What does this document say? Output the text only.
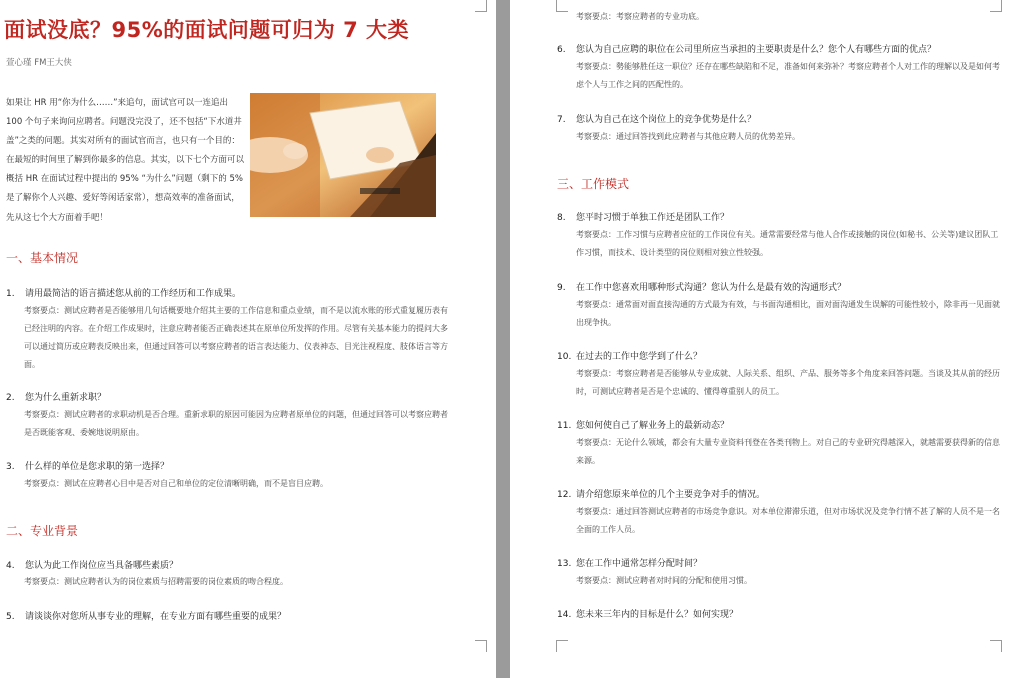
面试没底？95%的面试问题可归为 7 大类
萱心瑾 FM王大侠
如果让 HR 用“你为什么……”来追句，面试官可以一连追出 100 个句子来询问应聘者。问题没完没了，还不包括“下水道井盖”之类的问题。其实对所有的面试官而言，也只有一个目的：在最短的时间里了解到你最多的信息。其实，以下七个方面可以概括 HR 在面试过程中提出的 95% “为什么”问题（剩下的 5%是了解你个人兴趣、爱好等闲话家常），想高效率的准备面试，先从这七个大方面着手吧！
一、基本情况
1. 请用最简洁的语言描述您从前的工作经历和工作成果。
考察要点：测试应聘者是否能够用几句话概要地介绍其主要的工作信息和重点业绩，而不是以流水账的形式重复履历表有已经注明的内容。在介绍工作成果时，注意应聘者能否正确表述其在原单位所发挥的作用。尽管有关基本能力的提问大多可以通过简历或应聘表反映出来，但通过回答可以考察应聘者的语言表达能力、仪表神态、目光注视程度、肢体语言等方面。
2. 您为什么重新求职？
考察要点：测试应聘者的求职动机是否合理。重新求职的原因可能因为应聘者原单位的问题，但通过回答可以考察应聘者是否既能客观、委婉地说明原由。
3. 什么样的单位是您求职的第一选择？
考察要点：测试在应聘者心目中是否对自己和单位的定位清晰明确，而不是盲目应聘。
二、专业背景
4. 您认为此工作岗位应当具备哪些素质？
考察要点：测试应聘者认为的岗位素质与招聘需要的岗位素质的吻合程度。
5. 请谈谈你对您所从事专业的理解，在专业方面有哪些重要的成果？
考察要点：考察应聘者的专业功底。
6. 您认为自己应聘的职位在公司里所应当承担的主要职责是什么？您个人有哪些方面的优点？
考察要点：勢能够胜任这一职位？还存在哪些缺陷和不足，准备如何来弥补？考察应聘者个人对工作的理解以及是如何考虑个人与工作之间的匹配性的。
7. 您认为自己在这个岗位上的竞争优势是什么？
考察要点：通过回答找到此应聘者与其他应聘人员的优势差异。
三、工作模式
8. 您平时习惯于单独工作还是团队工作？
考察要点：工作习惯与应聘者应征的工作岗位有关。通常需要经常与他人合作或接触的岗位(如秘书、公关等)建议团队工作习惯，而技术、设计类型的岗位则相对独立性较强。
9. 在工作中您喜欢用哪种形式沟通？您认为什么是最有效的沟通形式？
考察要点：通常面对面直接沟通的方式最为有效，与书面沟通相比，面对面沟通发生误解的可能性较小，除非再一见面就出现争执。
10. 在过去的工作中您学到了什么？
考察要点：考察应聘者是否能够从专业成就、人际关系、组织、产品、服务等多个角度来回答问题。当谈及其从前的经历时，可测试应聘者是否是个忠诚的、懂得尊重别人的员工。
11. 您如何使自己了解业务上的最新动态？
考察要点：无论什么领域，都会有大量专业资料刊登在各类刊物上。对自己的专业研究得越深入，就越需要获得新的信息来源。
12. 请介绍您原来单位的几个主要竞争对手的情况。
考察要点：通过回答测试应聘者的市场竞争意识。对本单位滞滞乐道，但对市场状况及竞争行情不甚了解的人员不是一名全面的工作人员。
13. 您在工作中通常怎样分配时间？
考察要点：测试应聘者对时间的分配和使用习惯。
14. 您未来三年内的目标是什么？如何实现？
